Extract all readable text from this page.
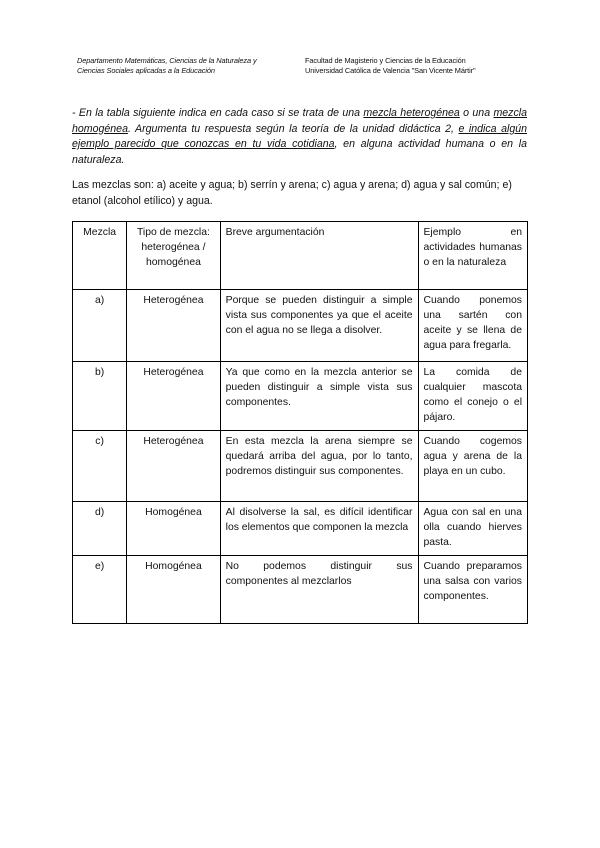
Departamento Matemáticas, Ciencias de la Naturaleza y
Ciencias Sociales aplicadas a la Educación
Facultad de Magisterio y Ciencias de la Educación
Universidad Católica de Valencia "San Vicente Mártir"
- En la tabla siguiente indica en cada caso si se trata de una mezcla heterogénea o una mezcla homogénea. Argumenta tu respuesta según la teoría de la unidad didáctica 2, e indica algún ejemplo parecido que conozcas en tu vida cotidiana, en alguna actividad humana o en la naturaleza.
Las mezclas son: a) aceite y agua; b) serrín y arena; c) agua y arena; d) agua y sal común; e) etanol (alcohol etílico) y agua.
Mezcla	Tipo de mezcla: heterogénea / homogénea	Breve argumentación	Ejemplo en actividades humanas o en la naturaleza
a)	Heterogénea	Porque se pueden distinguir a simple vista sus componentes ya que el aceite con el agua no se llega a disolver.	Cuando ponemos una sartén con aceite y se llena de agua para fregarla.
b)	Heterogénea	Ya que como en la mezcla anterior se pueden distinguir a simple vista sus componentes.	La comida de cualquier mascota como el conejo o el pájaro.
c)	Heterogénea	En esta mezcla la arena siempre se quedará arriba del agua, por lo tanto, podremos distinguir sus componentes.	Cuando cogemos agua y arena de la playa en un cubo.
d)	Homogénea	Al disolverse la sal, es difícil identificar los elementos que componen la mezcla	Agua con sal en una olla cuando hierves pasta.
e)	Homogénea	No podemos distinguir sus componentes al mezclarlos	Cuando preparamos una salsa con varios componentes.
